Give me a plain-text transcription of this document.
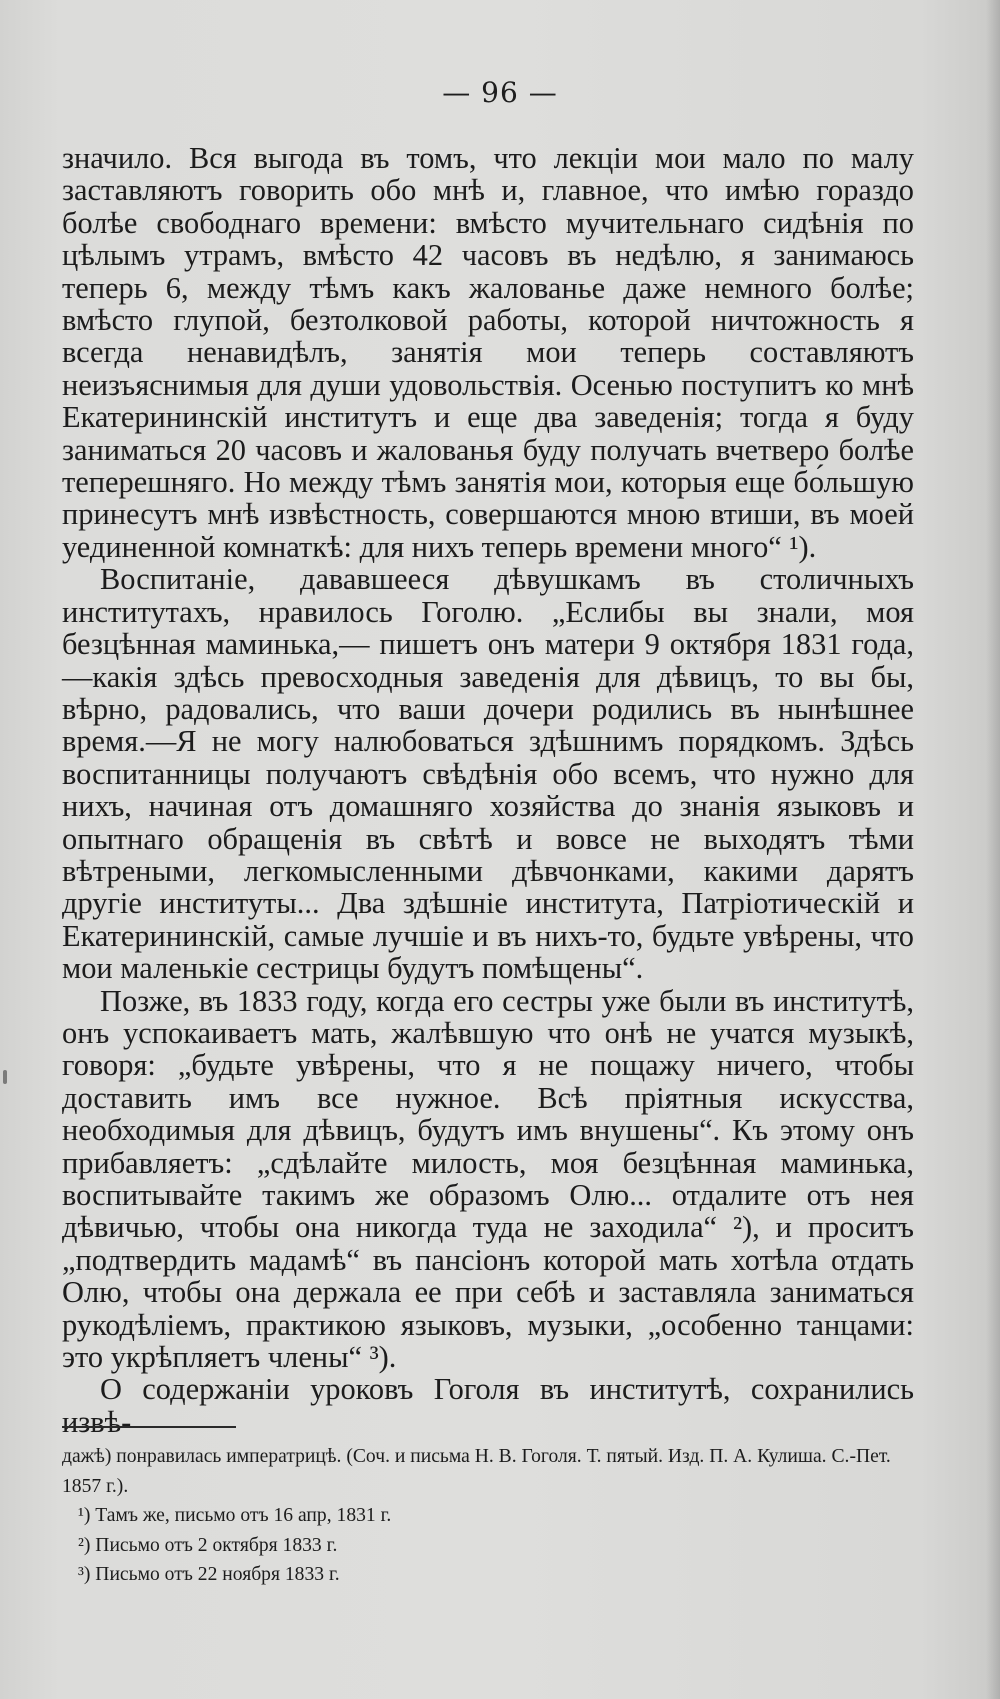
— 96 —

значило. Вся выгода въ томъ, что лекцiи мои мало по малу заставляютъ говорить обо мнѣ и, главное, что имѣю гораздо болѣе свободнаго времени: вмѣсто мучительнаго сидѣнiя по цѣлымъ утрамъ, вмѣсто 42 часовъ въ недѣлю, я занимаюсь теперь 6, между тѣмъ какъ жалованье даже немного болѣе; вмѣсто глупой, безтолковой работы, которой ничтожность я всегда ненавидѣлъ, занятiя мои теперь составляютъ неизъяснимыя для души удовольствiя. Осенью поступитъ ко мнѣ Екатерининскiй институтъ и еще два заведенiя; тогда я буду заниматься 20 часовъ и жалованья буду получать вчетверо болѣе теперешняго. Но между тѣмъ занятiя мои, которыя еще бо́льшую принесутъ мнѣ извѣстность, совершаются мною втиши, въ моей уединенной комнаткѣ: для нихъ теперь времени много“ ¹).

Воспитанiе, дававшееся дѣвушкамъ въ столичныхъ институтахъ, нравилось Гоголю. „Еслибы вы знали, моя безцѣнная маминька,— пишетъ онъ матери 9 октября 1831 года,—какiя здѣсь превосходныя заведенiя для дѣвицъ, то вы бы, вѣрно, радовались, что ваши дочери родились въ нынѣшнее время.—Я не могу налюбоваться здѣшнимъ порядкомъ. Здѣсь воспитанницы получаютъ свѣдѣнiя обо всемъ, что нужно для нихъ, начиная отъ домашняго хозяйства до знанiя языковъ и опытнаго обращенiя въ свѣтѣ и вовсе не выходятъ тѣми вѣтреными, легкомысленными дѣвчонками, какими дарятъ другiе институты... Два здѣшнiе института, Патрiотическiй и Екатерининскiй, самые лучшiе и въ нихъ-то, будьте увѣрены, что мои маленькiе сестрицы будутъ помѣщены“.

Позже, въ 1833 году, когда его сестры уже были въ институтѣ, онъ успокаиваетъ мать, жалѣвшую что онѣ не учатся музыкѣ, говоря: „будьте увѣрены, что я не пощажу ничего, чтобы доставить имъ все нужное. Всѣ прiятныя искусства, необходимыя для дѣвицъ, будутъ имъ внушены“. Къ этому онъ прибавляетъ: „сдѣлайте милость, моя безцѣнная маминька, воспитывайте такимъ же образомъ Олю... отдалите отъ нея дѣвичью, чтобы она никогда туда не заходила“ ²), и проситъ „подтвердить мадамѣ“ въ пансiонъ которой мать хотѣла отдать Олю, чтобы она держала ее при себѣ и заставляла заниматься рукодѣлiемъ, практикою языковъ, музыки, „особенно танцами: это укрѣпляетъ члены“ ³).

О содержанiи уроковъ Гоголя въ институтѣ, сохранились извѣ-

дажѣ) понравилась императрицѣ. (Соч. и письма Н. В. Гоголя. Т. пятый. Изд. П. А. Кулиша. С.-Пет. 1857 г.).

¹) Тамъ же, письмо отъ 16 апр, 1831 г.

²) Письмо отъ 2 октября 1833 г.

³) Письмо отъ 22 ноября 1833 г.
